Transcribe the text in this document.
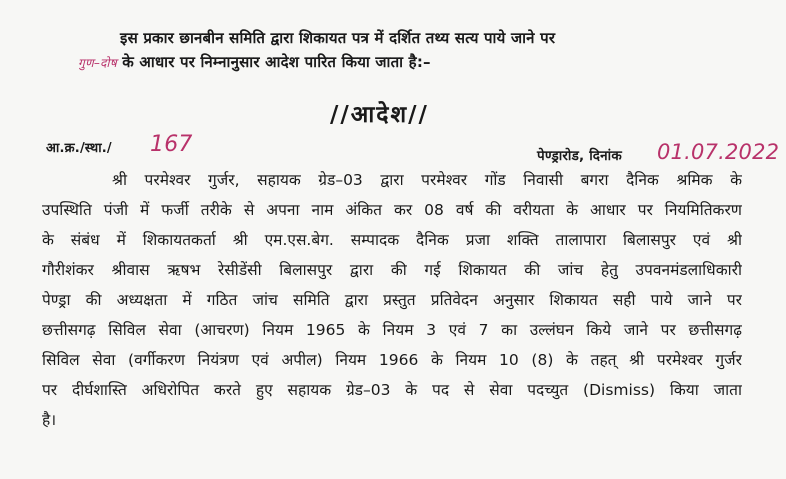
इस प्रकार छानबीन समिति द्वारा शिकायत पत्र में दर्शित तथ्य सत्य पाये जाने पर
गुण–दोष के आधार पर निम्नानुसार आदेश पारित किया जाता है:–
//आदेश//
आ.क्र./स्था./ 167	पेण्ड्रारोड, दिनांक 01.07.2022
श्री परमेश्वर गुर्जर, सहायक ग्रेड–03 द्वारा परमेश्वर गोंड निवासी बगरा दैनिक श्रमिक के
उपस्थिति पंजी में फर्जी तरीके से अपना नाम अंकित कर 08 वर्ष की वरीयता के आधार पर नियमितिकरण
के संबंध में शिकायतकर्ता श्री एम.एस.बेग. सम्पादक दैनिक प्रजा शक्ति तालापारा बिलासपुर एवं श्री
गौरीशंकर श्रीवास ऋषभ रेसीडेंसी बिलासपुर द्वारा की गई शिकायत की जांच हेतु उपवनमंडलाधिकारी
पेण्ड्रा की अध्यक्षता में गठित जांच समिति द्वारा प्रस्तुत प्रतिवेदन अनुसार शिकायत सही पाये जाने पर
छत्तीसगढ़ सिविल सेवा (आचरण) नियम 1965 के नियम 3 एवं 7 का उल्लंघन किये जाने पर छत्तीसगढ़
सिविल सेवा (वर्गीकरण नियंत्रण एवं अपील) नियम 1966 के नियम 10 (8) के तहत् श्री परमेश्वर गुर्जर
पर दीर्घशास्ति अधिरोपित करते हुए सहायक ग्रेड–03 के पद से सेवा पदच्युत (Dismiss) किया जाता
है।
